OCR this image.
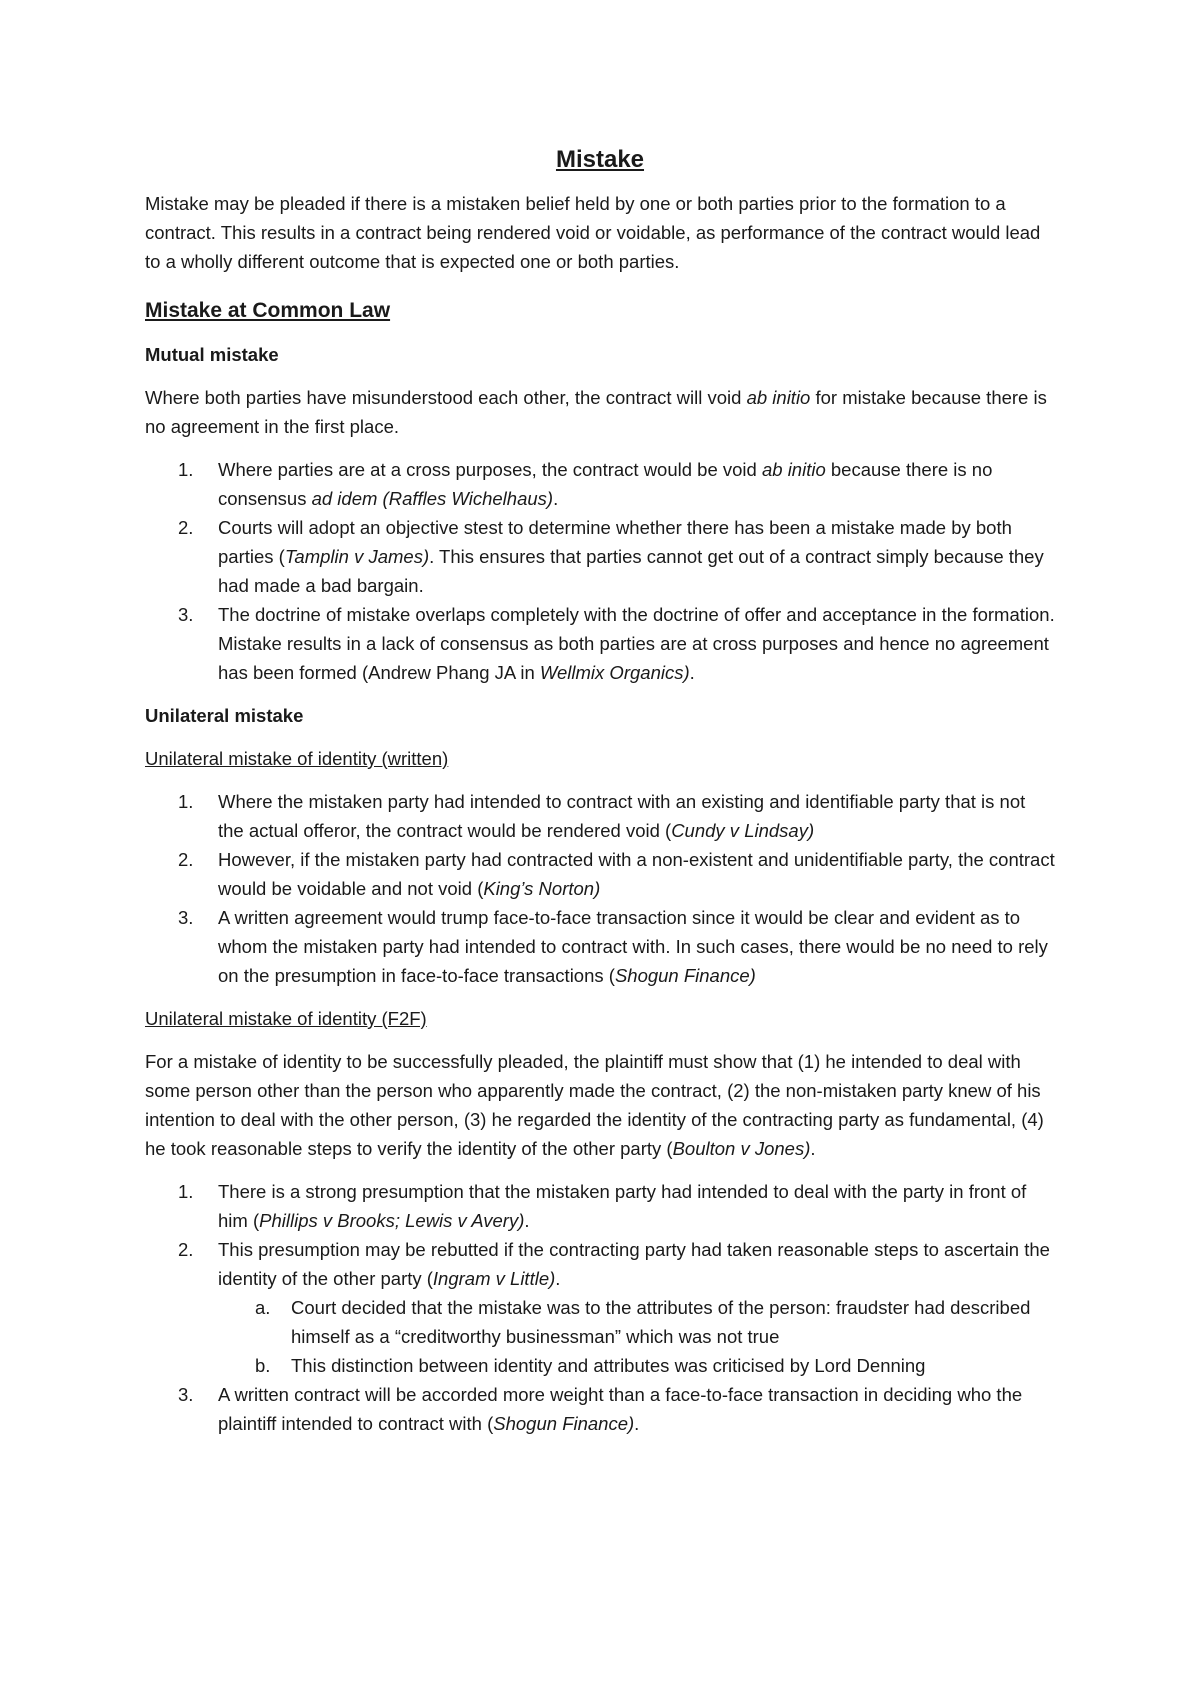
Mistake

Mistake may be pleaded if there is a mistaken belief held by one or both parties prior to the formation to a contract. This results in a contract being rendered void or voidable, as performance of the contract would lead to a wholly different outcome that is expected one or both parties.

Mistake at Common Law
Mutual mistake

Where both parties have misunderstood each other, the contract will void ab initio for mistake because there is no agreement in the first place.

1.	Where parties are at a cross purposes, the contract would be void ab initio because there is no consensus ad idem (Raffles Wichelhaus).
2.	Courts will adopt an objective stest to determine whether there has been a mistake made by both parties (Tamplin v James). This ensures that parties cannot get out of a contract simply because they had made a bad bargain.
3.	The doctrine of mistake overlaps completely with the doctrine of offer and acceptance in the formation. Mistake results in a lack of consensus as both parties are at cross purposes and hence no agreement has been formed (Andrew Phang JA in Wellmix Organics).
Unilateral mistake
Unilateral mistake of identity (written)
1.	Where the mistaken party had intended to contract with an existing and identifiable party that is not the actual offeror, the contract would be rendered void (Cundy v Lindsay)
2.	However, if the mistaken party had contracted with a non-existent and unidentifiable party, the contract would be voidable and not void (King’s Norton)
3.	A written agreement would trump face-to-face transaction since it would be clear and evident as to whom the mistaken party had intended to contract with. In such cases, there would be no need to rely on the presumption in face-to-face transactions (Shogun Finance)
Unilateral mistake of identity (F2F)

For a mistake of identity to be successfully pleaded, the plaintiff must show that (1) he intended to deal with some person other than the person who apparently made the contract, (2) the non-mistaken party knew of his intention to deal with the other person, (3) he regarded the identity of the contracting party as fundamental, (4) he took reasonable steps to verify the identity of the other party (Boulton v Jones).

1.	There is a strong presumption that the mistaken party had intended to deal with the party in front of him (Phillips v Brooks; Lewis v Avery).
2.	This presumption may be rebutted if the contracting party had taken reasonable steps to ascertain the identity of the other party (Ingram v Little).
a.	Court decided that the mistake was to the attributes of the person: fraudster had described himself as a “creditworthy businessman” which was not true
b.	This distinction between identity and attributes was criticised by Lord Denning
3.	A written contract will be accorded more weight than a face-to-face transaction in deciding who the plaintiff intended to contract with (Shogun Finance).
